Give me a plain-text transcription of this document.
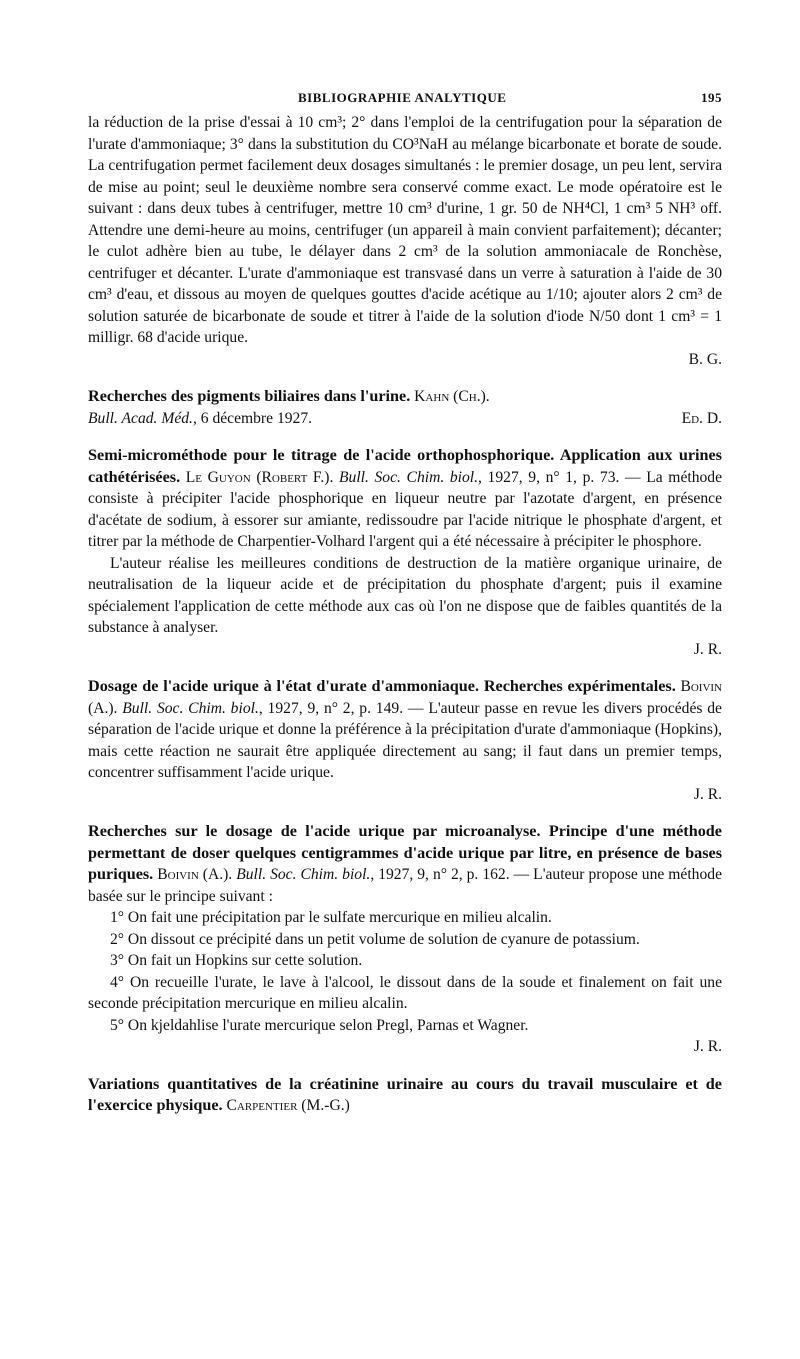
BIBLIOGRAPHIE ANALYTIQUE	195

la réduction de la prise d'essai à 10 cm³; 2° dans l'emploi de la centrifugation pour la séparation de l'urate d'ammoniaque; 3° dans la substitution du CO³NaH au mélange bicarbonate et borate de soude. La centrifugation permet facilement deux dosages simultanés : le premier dosage, un peu lent, servira de mise au point; seul le deuxième nombre sera conservé comme exact. Le mode opératoire est le suivant : dans deux tubes à centrifuger, mettre 10 cm³ d'urine, 1 gr. 50 de NH⁴Cl, 1 cm³ 5 NH³ off. Attendre une demi-heure au moins, centrifuger (un appareil à main convient parfaitement); décanter; le culot adhère bien au tube, le délayer dans 2 cm³ de la solution ammoniacale de Ronchèse, centrifuger et décanter. L'urate d'ammoniaque est transvasé dans un verre à saturation à l'aide de 30 cm³ d'eau, et dissous au moyen de quelques gouttes d'acide acétique au 1/10; ajouter alors 2 cm³ de solution saturée de bicarbonate de soude et titrer à l'aide de la solution d'iode N/50 dont 1 cm³ = 1 milligr. 68 d'acide urique.

B. G.

Recherches des pigments biliaires dans l'urine. Kahn (Ch.).

Bull. Acad. Méd., 6 décembre 1927.	Ed. D.

Semi-microméthode pour le titrage de l'acide orthophosphorique. Application aux urines cathétérisées. Le Guyon (Robert F.). Bull. Soc. Chim. biol., 1927, 9, n° 1, p. 73. — La méthode consiste à précipiter l'acide phosphorique en liqueur neutre par l'azotate d'argent, en présence d'acétate de sodium, à essorer sur amiante, redissoudre par l'acide nitrique le phosphate d'argent, et titrer par la méthode de Charpentier-Volhard l'argent qui a été nécessaire à précipiter le phosphore.

L'auteur réalise les meilleures conditions de destruction de la matière organique urinaire, de neutralisation de la liqueur acide et de précipitation du phosphate d'argent; puis il examine spécialement l'application de cette méthode aux cas où l'on ne dispose que de faibles quantités de la substance à analyser.

J. R.

Dosage de l'acide urique à l'état d'urate d'ammoniaque. Recherches expérimentales. Boivin (A.). Bull. Soc. Chim. biol., 1927, 9, n° 2, p. 149. — L'auteur passe en revue les divers procédés de séparation de l'acide urique et donne la préférence à la précipitation d'urate d'ammoniaque (Hopkins), mais cette réaction ne saurait être appliquée directement au sang; il faut dans un premier temps, concentrer suffisamment l'acide urique.

J. R.

Recherches sur le dosage de l'acide urique par microanalyse. Principe d'une méthode permettant de doser quelques centigrammes d'acide urique par litre, en présence de bases puriques. Boivin (A.). Bull. Soc. Chim. biol., 1927, 9, n° 2, p. 162. — L'auteur propose une méthode basée sur le principe suivant :

1° On fait une précipitation par le sulfate mercurique en milieu alcalin.

2° On dissout ce précipité dans un petit volume de solution de cyanure de potassium.

3° On fait un Hopkins sur cette solution.

4° On recueille l'urate, le lave à l'alcool, le dissout dans de la soude et finalement on fait une seconde précipitation mercurique en milieu alcalin.

5° On kjeldahlise l'urate mercurique selon Pregl, Parnas et Wagner.

J. R.

Variations quantitatives de la créatinine urinaire au cours du travail musculaire et de l'exercice physique. Carpentier (M.-G.)
